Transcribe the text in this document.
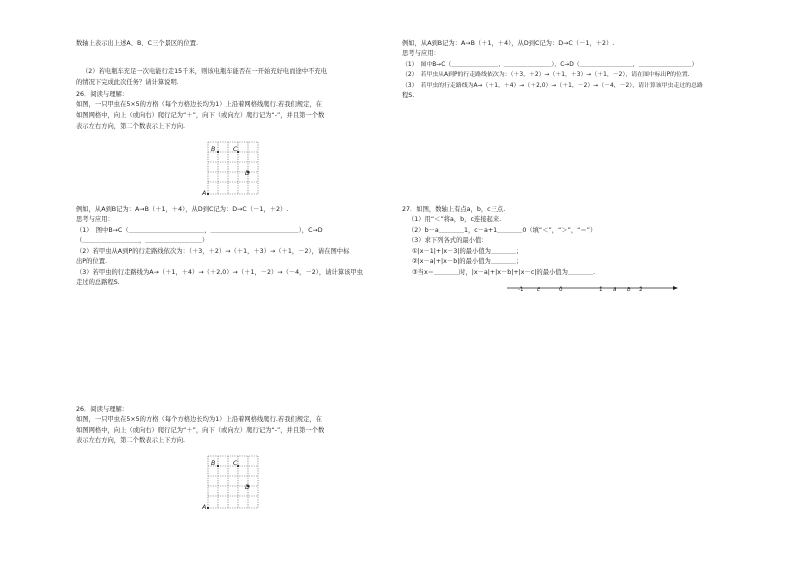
数轴上表示出上述A、B、C三个景区的位置.
（2）若电瓶车充足一次电能行走15千米，则该电瓶车能否在一开始充好电而途中不充电
的情况下完成此次任务？请计算说明.
26．阅读与理解：
如图，一只甲虫在5×5的方格（每个方格边长均为1）上沿着网格线爬行.若我们规定，在
如图网格中，向上（或向右）爬行记为“＋”，向下（或向左）爬行记为“-”，并且第一个数
表示左右方向，第二个数表示上下方向.
A
B	C
D
例如，从A到B记为：A→B（＋1，＋4），从D到C记为：D→C（－1，＋2）.
思考与应用：
（1）　图中B→C（＿＿＿＿＿＿＿＿＿＿＿＿，＿＿＿＿＿＿＿＿＿＿＿＿＿＿），C→D
（＿＿＿＿＿＿＿＿＿，＿＿＿＿＿＿＿＿＿）
（2）若甲虫从A到P的行走路线依次为：（＋3，＋2）→（＋1，＋3）→（＋1，－2），请在图中标
出P的位置.
（3）若甲虫的行走路线为A→（＋1，＋4）→（＋2,0）→（＋1，－2）→（－4，－2），请计算该甲虫
走过的总路程S.
26．阅读与理解：
如图，一只甲虫在5×5的方格（每个方格边长均为1）上沿着网格线爬行.若我们规定，在
如图网格中，向上（或向右）爬行记为“＋”，向下（或向左）爬行记为“-”，并且第一个数
表示左右方向，第二个数表示上下方向.
A
B	C
D
例如，从A到B记为：A→B（＋1，＋4），从D到C记为：D→C（－1，＋2）.
思考与应用：
（1）　图中B→C（＿＿＿＿＿＿＿＿，＿＿＿＿＿＿＿＿），C→D（＿＿＿＿＿＿＿＿＿，＿＿＿＿＿＿＿＿＿）
（2）　若甲虫从A到P的行走路线依次为：（＋3，＋2）→（＋1，＋3）→（＋1，－2），请在图中标出P的位置.
（3）　若甲虫的行走路线为A→（＋1，＋4）→（＋2,0）→（＋1，－2）→（－4，－2），请计算该甲虫走过的总路
程S.
27．如图，数轴上有点a，b，c三点.
（1）用“＜”将a，b，c连接起来.
（2）b－a＿＿＿＿1，c－a+1＿＿＿＿0（填“＜”，“＞”，“＝”）
（3）求下列各式的最小值：
①|x－1|+|x－3|的最小值为＿＿＿＿；
②|x－a|+|x－b|的最小值为＿＿＿＿；
③当x＝＿＿＿＿时，|x－a|+|x－b|+|x－c|的最小值为＿＿＿＿.
-1 c	0	1 a b 2
